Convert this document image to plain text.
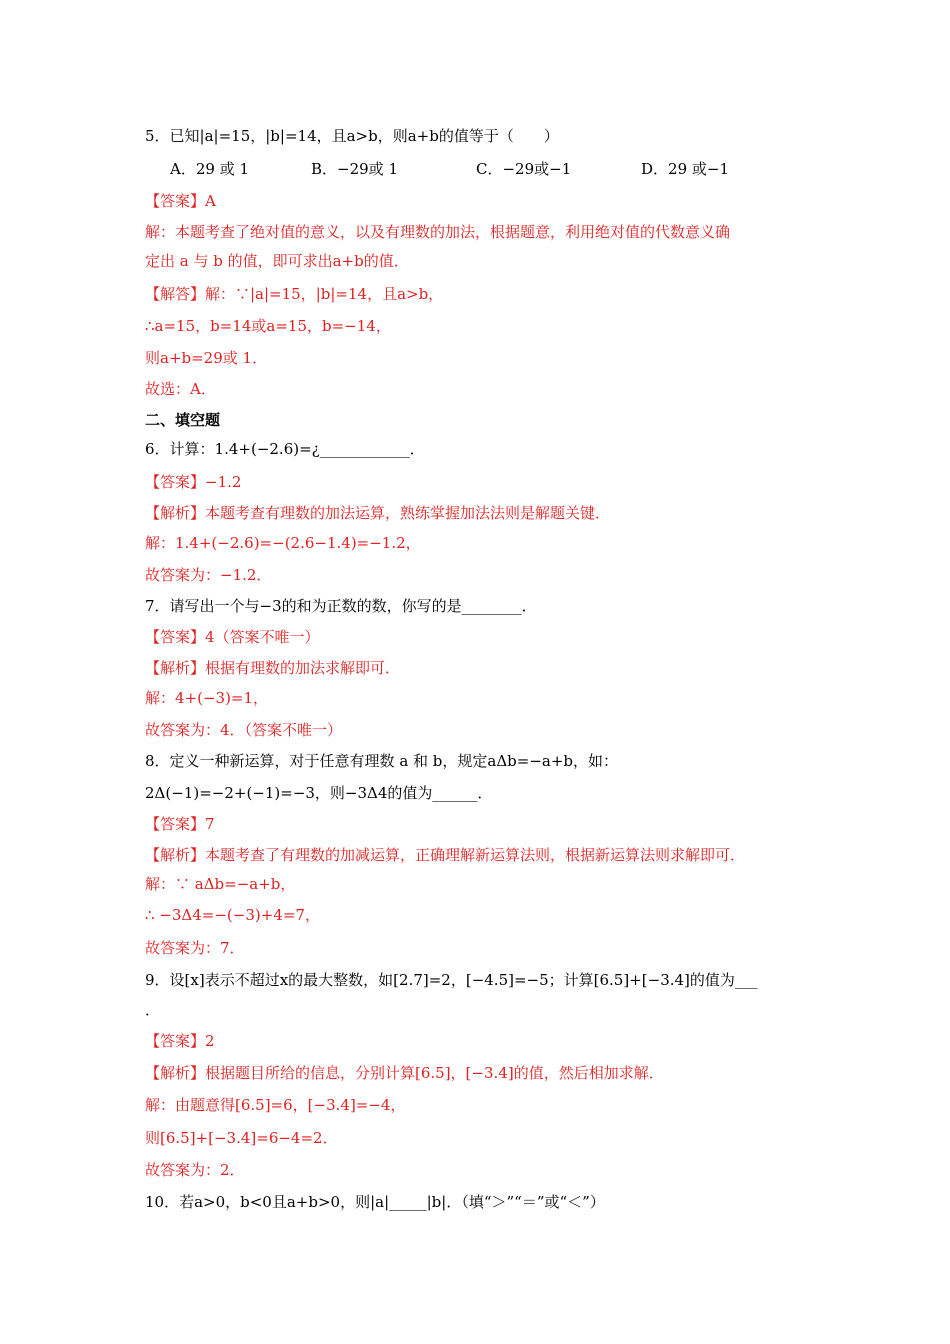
5．已知|a|=15，|b|=14，且a>b，则a+b的值等于（　　）
【答案】A
解：本题考查了绝对值的意义，以及有理数的加法，根据题意，利用绝对值的代数意义确
定出 a 与 b 的值，即可求出a+b的值．
【解答】解：∵|a|=15，|b|=14，且a>b，
∴a=15，b=14或a=15，b=−14，
则a+b=29或 1．
故选：A．
二、填空题
6．计算：1.4+(−2.6)=¿____________．
【答案】−1.2
【解析】本题考查有理数的加法运算，熟练掌握加法法则是解题关键．
解：1.4+(−2.6)=−(2.6−1.4)=−1.2，
故答案为：−1.2．
7．请写出一个与−3的和为正数的数，你写的是________．
【答案】4（答案不唯一）
【解析】根据有理数的加法求解即可．
解：4+(−3)=1，
故答案为：4．（答案不唯一）
8．定义一种新运算，对于任意有理数 a 和 b，规定aΔb=−a+b，如：
2Δ(−1)=−2+(−1)=−3，则−3Δ4的值为______．
【答案】7
【解析】本题考查了有理数的加减运算，正确理解新运算法则，根据新运算法则求解即可．
解：∵ aΔb=−a+b，
∴ −3Δ4=−(−3)+4=7，
故答案为：7．
9．设[x]表示不超过x的最大整数，如[2.7]=2，[−4.5]=−5；计算[6.5]+[−3.4]的值为___
．
【答案】2
【解析】根据题目所给的信息，分别计算[6.5]，[−3.4]的值，然后相加求解．
解：由题意得[6.5]=6，[−3.4]=−4，
则[6.5]+[−3.4]=6−4=2．
故答案为：2．
10．若a>0，b<0且a+b>0，则|a|_____|b|．（填“＞”“＝”或“＜”）
A．29 或 1	B．−29或 1	C．−29或−1	D．29 或−1
